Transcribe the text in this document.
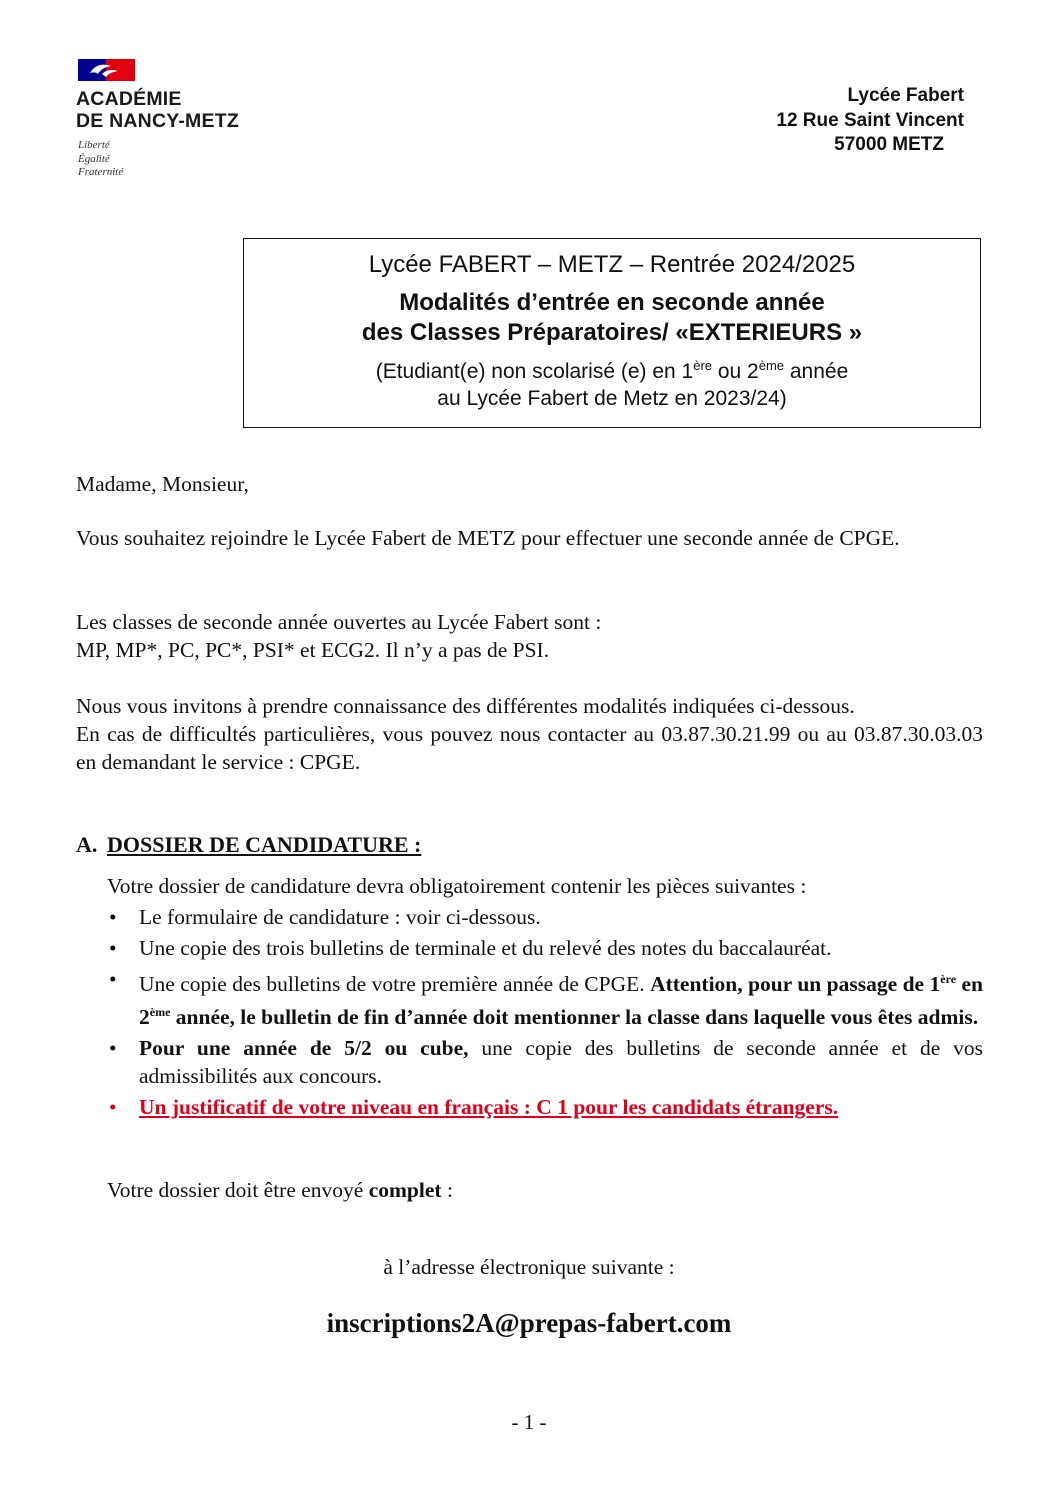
ACADÉMIE
DE NANCY-METZ
Liberté
Égalité
Fraternité
Lycée Fabert
12 Rue Saint Vincent
57000 METZ
Lycée FABERT – METZ – Rentrée 2024/2025
Modalités d’entrée en seconde année
des Classes Préparatoires/ «EXTERIEURS »
(Etudiant(e) non scolarisé (e) en 1ère ou 2ème année
au Lycée Fabert de Metz en 2023/24)
Madame, Monsieur,
Vous souhaitez rejoindre le Lycée Fabert de METZ pour effectuer une seconde année de CPGE.
Les classes de seconde année ouvertes au Lycée Fabert sont :
MP, MP*, PC, PC*, PSI* et ECG2. Il n’y a pas de PSI.
Nous vous invitons à prendre connaissance des différentes modalités indiquées ci-dessous.
En cas de difficultés particulières, vous pouvez nous contacter au 03.87.30.21.99 ou au 03.87.30.03.03 en demandant le service : CPGE.
A. DOSSIER DE CANDIDATURE :
Votre dossier de candidature devra obligatoirement contenir les pièces suivantes :
• Le formulaire de candidature : voir ci-dessous.
• Une copie des trois bulletins de terminale et du relevé des notes du baccalauréat.
• Une copie des bulletins de votre première année de CPGE. Attention, pour un passage de 1ère en 2ème année, le bulletin de fin d’année doit mentionner la classe dans laquelle vous êtes admis.
• Pour une année de 5/2 ou cube, une copie des bulletins de seconde année et de vos admissibilités aux concours.
• Un justificatif de votre niveau en français : C 1 pour les candidats étrangers.
Votre dossier doit être envoyé complet :
à l’adresse électronique suivante :
inscriptions2A@prepas-fabert.com
- 1 -
